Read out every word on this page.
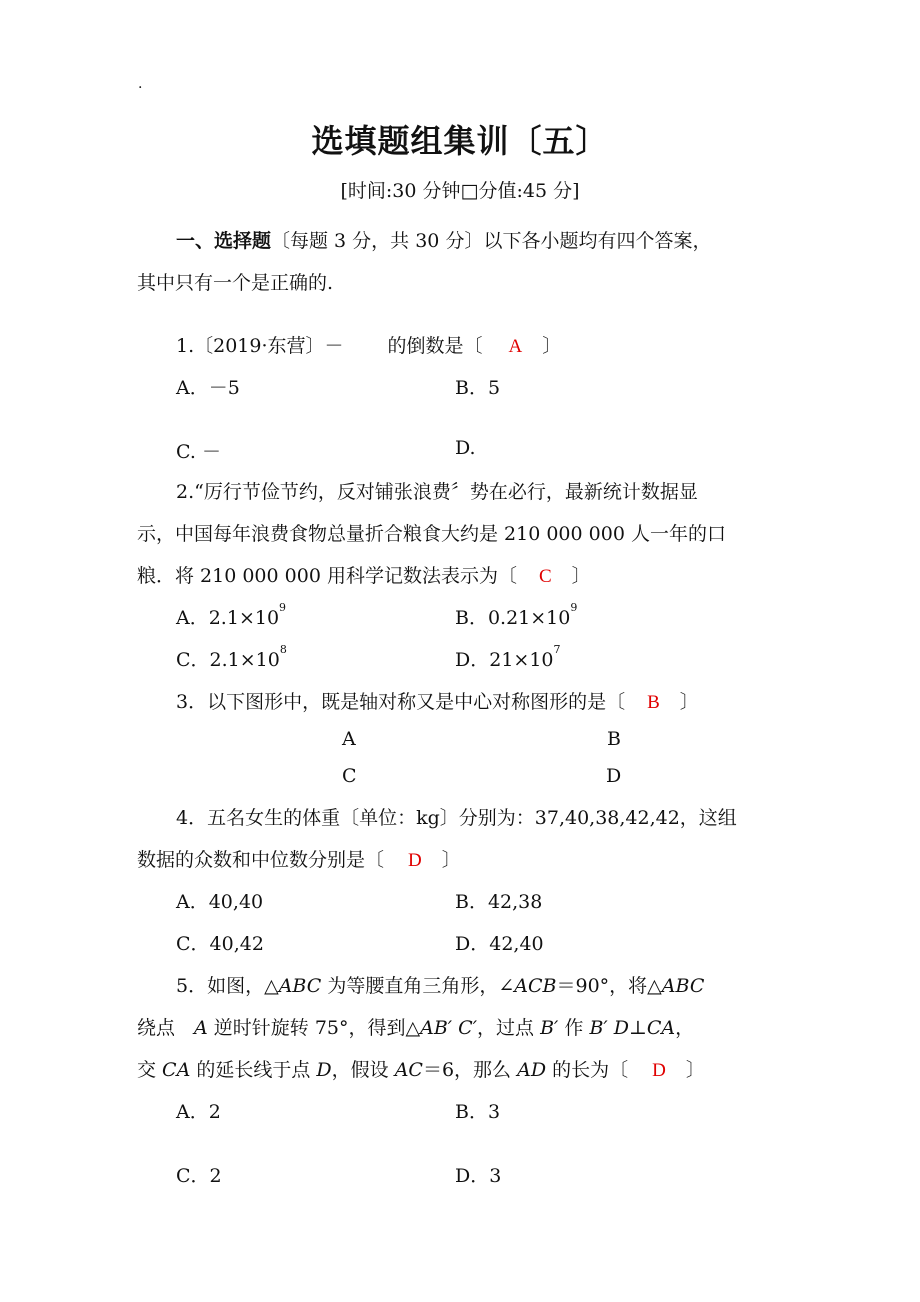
.
选填题组集训〔五〕
[时间:30 分钟□分值:45 分]
一、选择题〔每题 3 分，共 30 分〕以下各小题均有四个答案，
其中只有一个是正确的.
1.〔2019·东营〕－ 的倒数是〔 A 〕
A．－5	B．5
C. －	D.
2.“厉行节俭节约，反对铺张浪费〞势在必行，最新统计数据显
示，中国每年浪费食物总量折合粮食大约是 210 000 000 人一年的口
粮．将 210 000 000 用科学记数法表示为〔 C 〕
A．$2.1\times 10^9$	B．$0.21\times 10^9$
C．$2.1\times 10^8$	D．$21\times 10^7$
3．以下图形中，既是轴对称又是中心对称图形的是〔 B 〕
A	B
C	D
4．五名女生的体重〔单位：kg〕分别为：37,40,38,42,42，这组
数据的众数和中位数分别是〔 D 〕
A．40,40	B．42,38
C．40,42	D．42,40
5．如图，△ABC 为等腰直角三角形，∠ACB＝90°，将△ABC
绕点　A 逆时针旋转 75°，得到△AB′ C′，过点 B′ 作 B′ D⊥CA，
交 CA 的延长线于点 D，假设 AC＝6，那么 AD 的长为〔 D 〕
A．2	B．3
C．2	D．3
